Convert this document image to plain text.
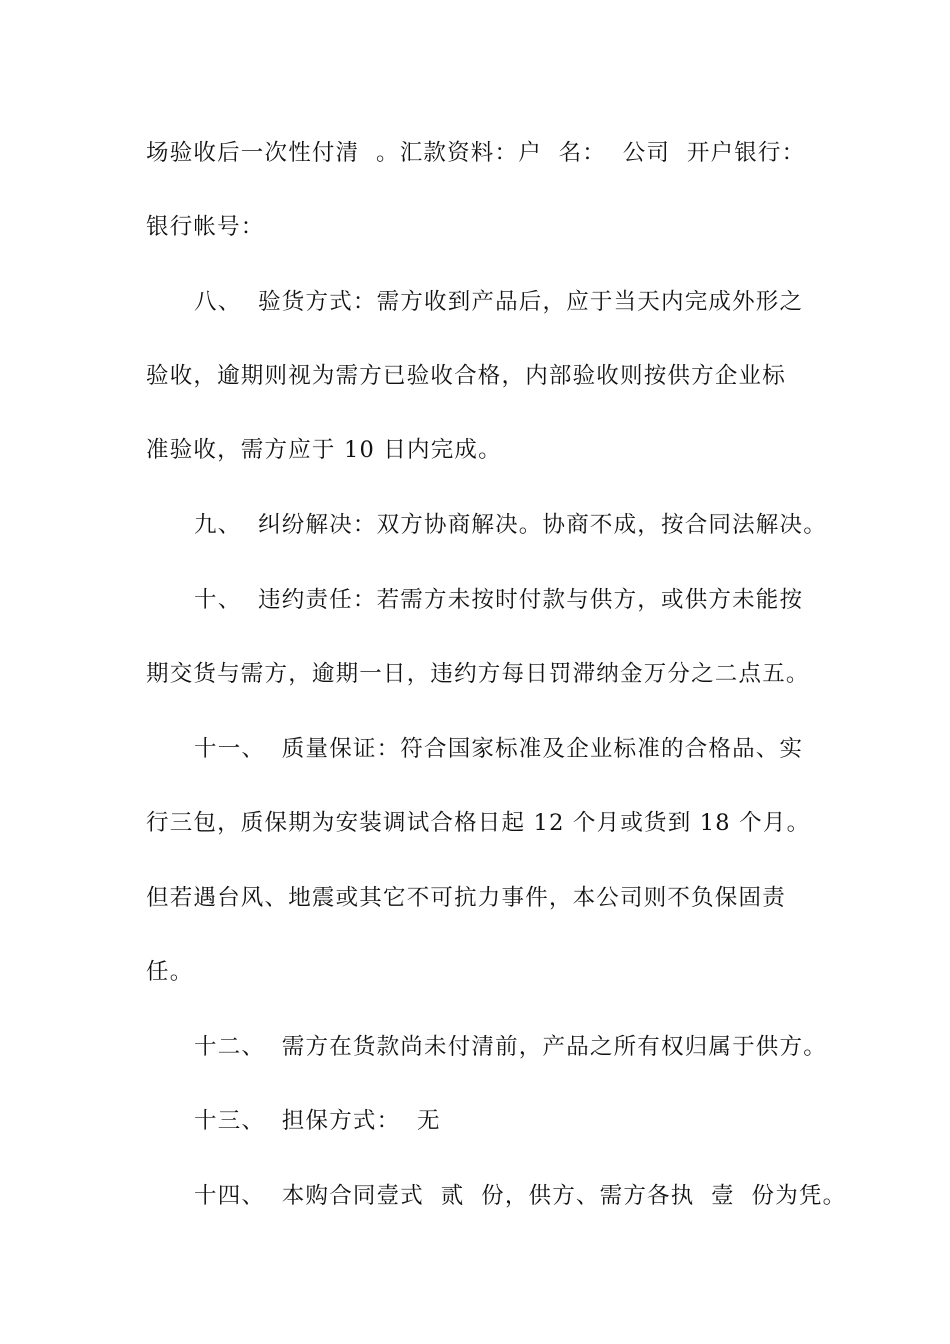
场验收后一次性付清  。汇款资料：户  名：  公司  开户银行：
银行帐号：
八、  验货方式：需方收到产品后，应于当天内完成外形之
验收，逾期则视为需方已验收合格，内部验收则按供方企业标
准验收，需方应于 10 日内完成。
九、  纠纷解决：双方协商解决。协商不成，按合同法解决。
十、  违约责任：若需方未按时付款与供方，或供方未能按
期交货与需方，逾期一日，违约方每日罚滞纳金万分之二点五。
十一、  质量保证：符合国家标准及企业标准的合格品、实
行三包，质保期为安装调试合格日起 12 个月或货到 18 个月。
但若遇台风、地震或其它不可抗力事件，本公司则不负保固责
任。
十二、  需方在货款尚未付清前，产品之所有权归属于供方。
十三、  担保方式：  无
十四、  本购合同壹式  贰  份，供方、需方各执  壹  份为凭。
